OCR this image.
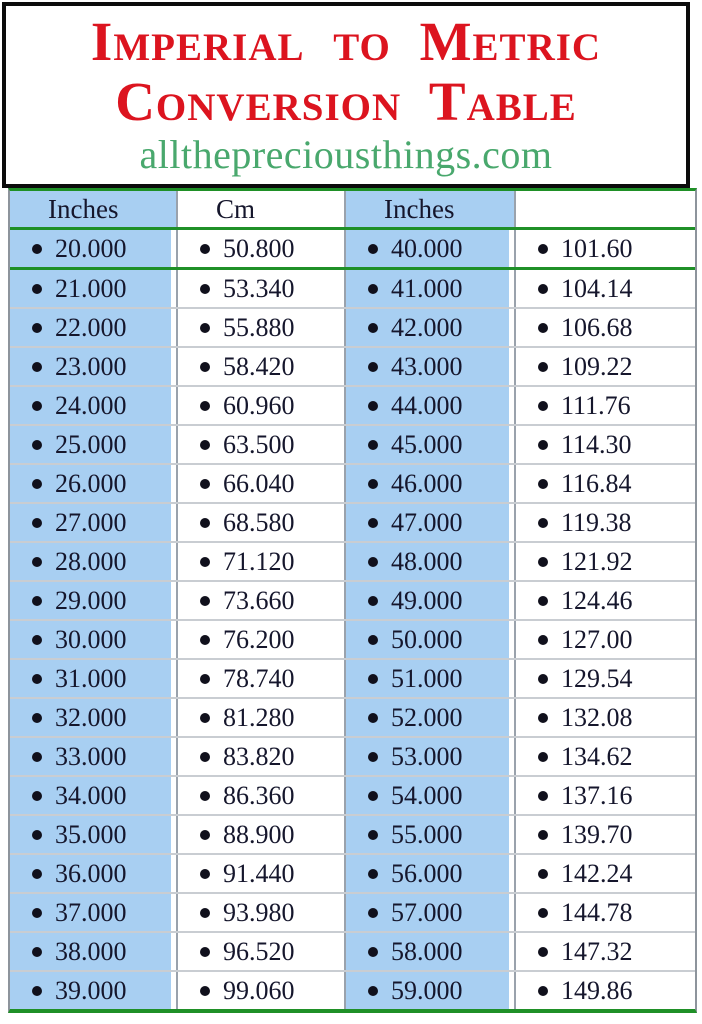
Imperial to Metric
Conversion Table
allthepreciousthings.com
Inches	Cm	Inches
20.000	50.800	40.000	101.60
21.000	53.340	41.000	104.14
22.000	55.880	42.000	106.68
23.000	58.420	43.000	109.22
24.000	60.960	44.000	111.76
25.000	63.500	45.000	114.30
26.000	66.040	46.000	116.84
27.000	68.580	47.000	119.38
28.000	71.120	48.000	121.92
29.000	73.660	49.000	124.46
30.000	76.200	50.000	127.00
31.000	78.740	51.000	129.54
32.000	81.280	52.000	132.08
33.000	83.820	53.000	134.62
34.000	86.360	54.000	137.16
35.000	88.900	55.000	139.70
36.000	91.440	56.000	142.24
37.000	93.980	57.000	144.78
38.000	96.520	58.000	147.32
39.000	99.060	59.000	149.86
